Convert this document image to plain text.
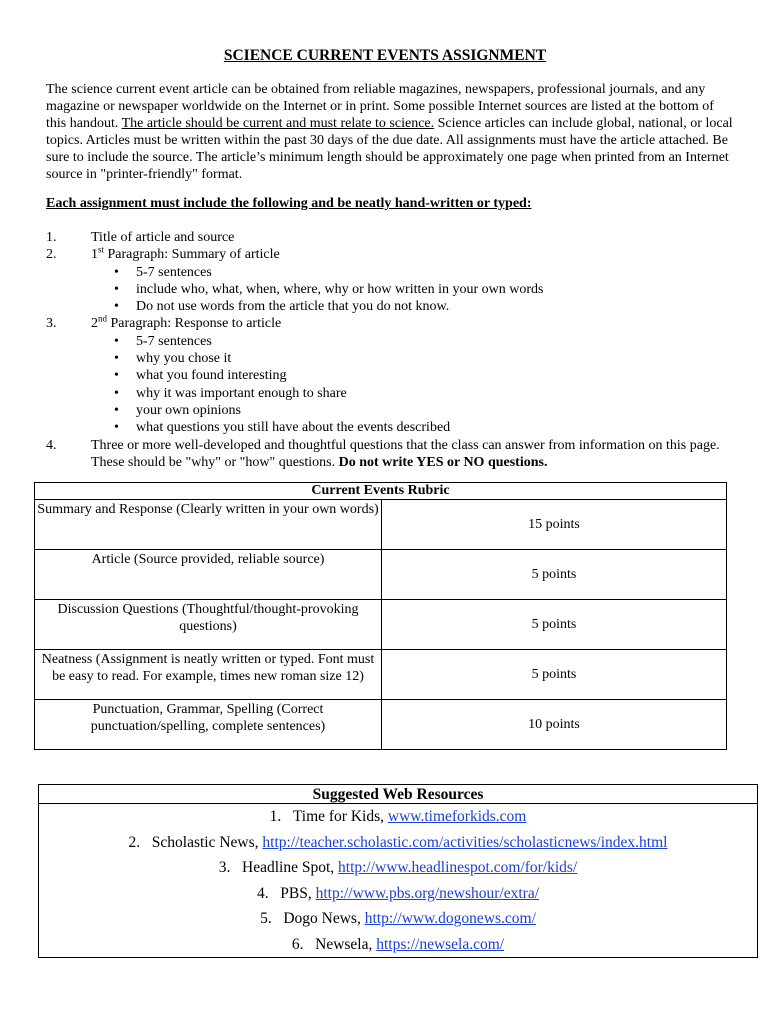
SCIENCE CURRENT EVENTS ASSIGNMENT
The science current event article can be obtained from reliable magazines, newspapers, professional journals, and any magazine or newspaper worldwide on the Internet or in print. Some possible Internet sources are listed at the bottom of this handout. The article should be current and must relate to science. Science articles can include global, national, or local topics. Articles must be written within the past 30 days of the due date. All assignments must have the article attached. Be sure to include the source. The article’s minimum length should be approximately one page when printed from an Internet source in "printer-friendly" format.
Each assignment must include the following and be neatly hand-written or typed:
1.	Title of article and source
2.	1st Paragraph: Summary of article
• 5-7 sentences
• include who, what, when, where, why or how written in your own words
• Do not use words from the article that you do not know.
3.	2nd Paragraph: Response to article
• 5-7 sentences
• why you chose it
• what you found interesting
• why it was important enough to share
• your own opinions
• what questions you still have about the events described
4.	Three or more well-developed and thoughtful questions that the class can answer from information on this page. These should be "why" or "how" questions. Do not write YES or NO questions.
Current Events Rubric	
Summary and Response (Clearly written in your own words)	15 points
Article (Source provided, reliable source)	5 points
Discussion Questions (Thoughtful/thought-provoking questions)	5 points
Neatness (Assignment is neatly written or typed. Font must be easy to read. For example, times new roman size 12)	5 points
Punctuation, Grammar, Spelling (Correct punctuation/spelling, complete sentences)	10 points
Suggested Web Resources
1. Time for Kids, www.timeforkids.com
2. Scholastic News, http://teacher.scholastic.com/activities/scholasticnews/index.html
3. Headline Spot, http://www.headlinespot.com/for/kids/
4. PBS, http://www.pbs.org/newshour/extra/
5. Dogo News, http://www.dogonews.com/
6. Newsela, https://newsela.com/
